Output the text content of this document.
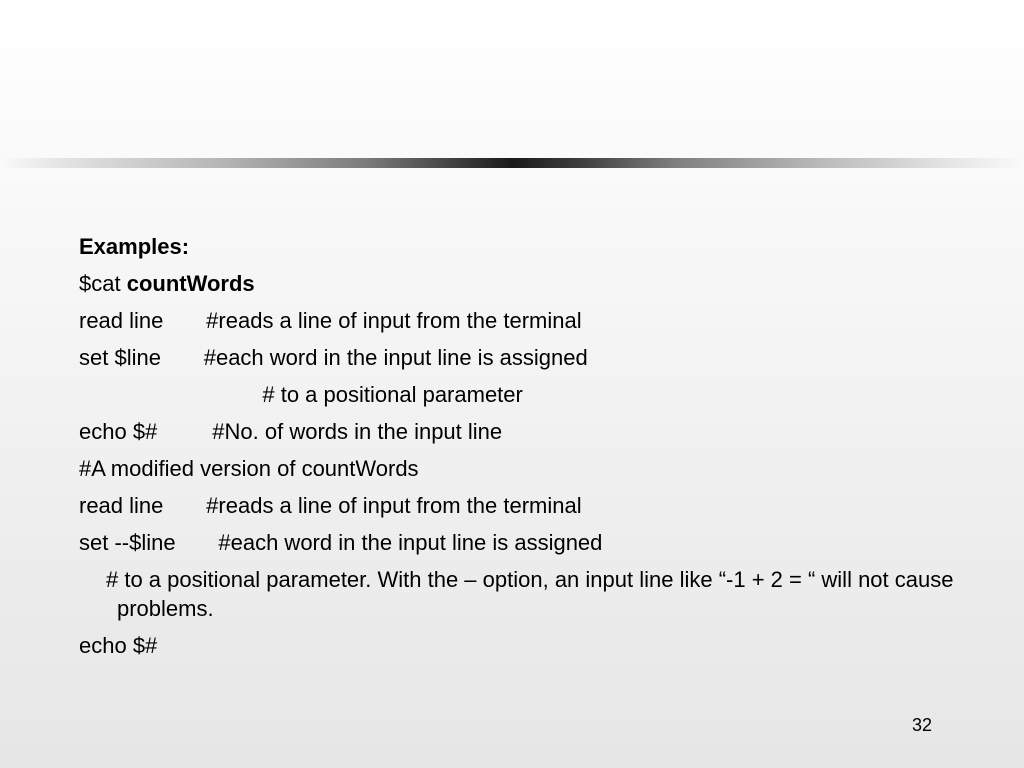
Examples:
$cat countWords
read line       #reads a line of input from the terminal
set $line       #each word in the input line is assigned
# to a positional parameter
echo $#         #No. of words in the input line
#A modified version of countWords
read line       #reads a line of input from the terminal
set --$line       #each word in the input line is assigned
# to a positional parameter. With the – option, an input line like “-1 + 2 = “ will not cause problems.
echo $#
32
